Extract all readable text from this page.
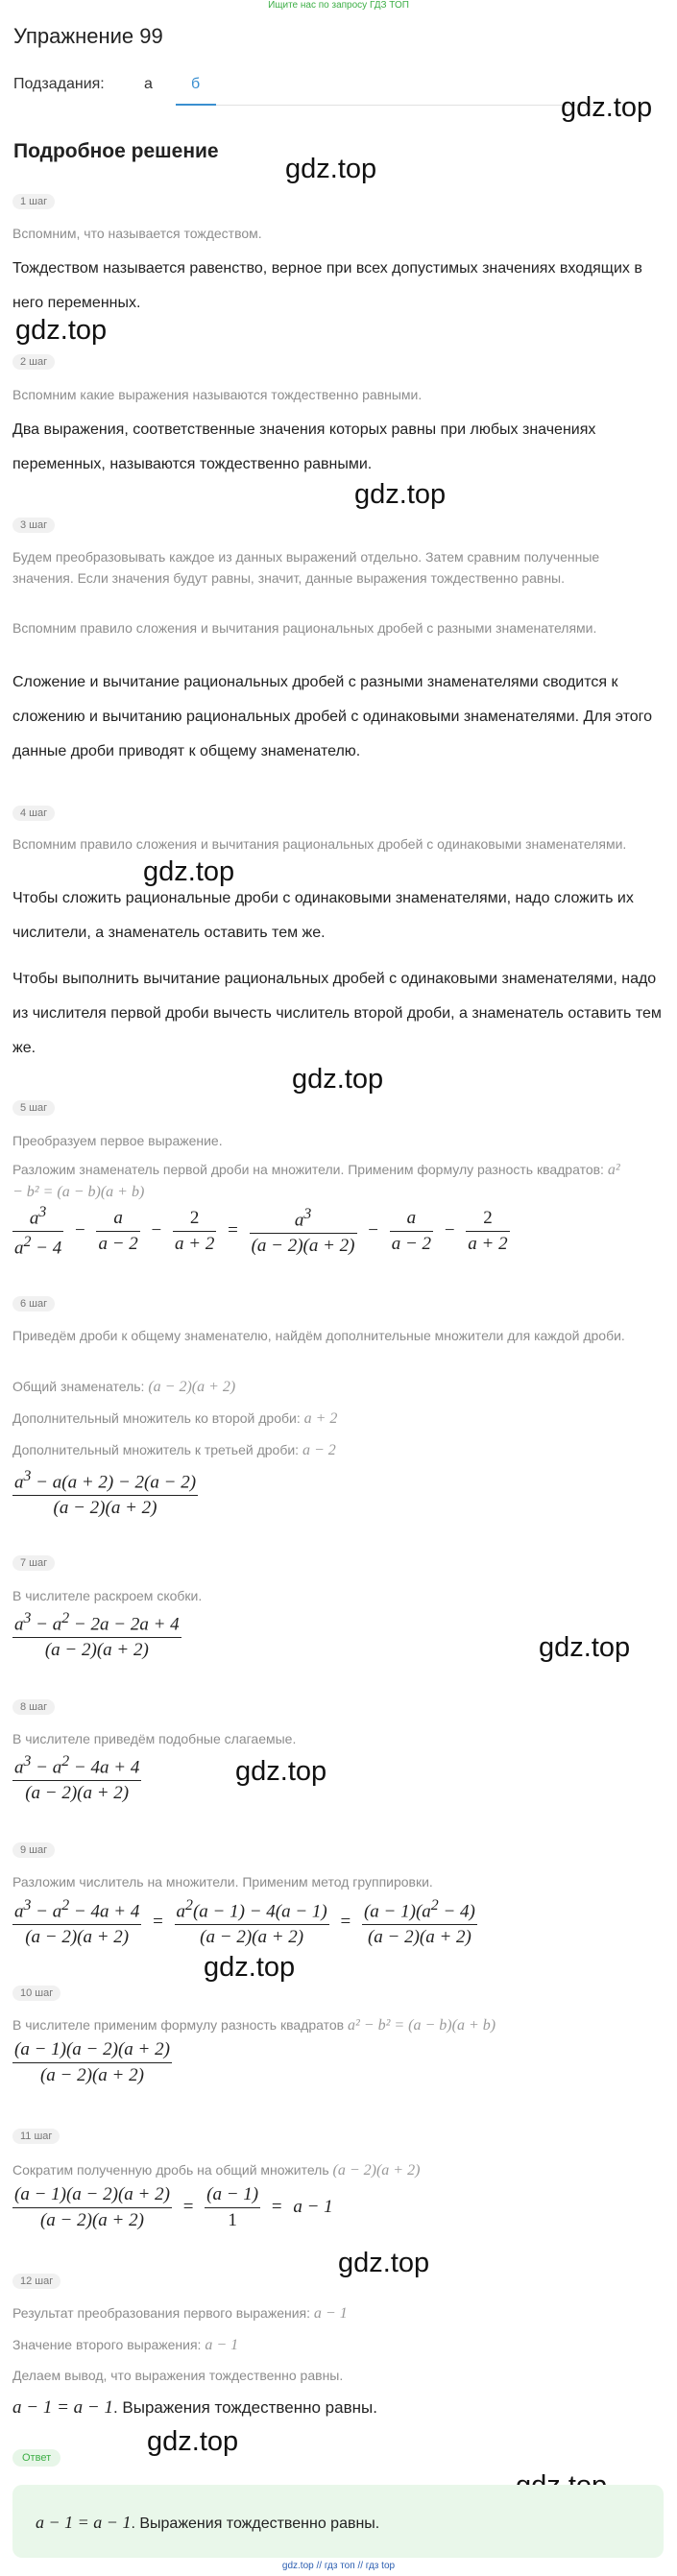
Ищите нас по запросу ГДЗ ТОП
Упражнение 99
Подзадания:	а	б
Подробное решение
gdz.top
gdz.top
gdz.top
gdz.top
gdz.top
gdz.top
gdz.top
gdz.top
gdz.top
gdz.top
gdz.top
1 шаг
Вспомним, что называется тождеством.
Тождеством называется равенство, верное при всех допустимых значениях входящих в него переменных.
2 шаг
Вспомним какие выражения называются тождественно равными.
Два выражения, соответственные значения которых равны при любых значениях переменных, называются тождественно равными.
3 шаг
Будем преобразовывать каждое из данных выражений отдельно. Затем сравним полученные значения. Если значения будут равны, значит, данные выражения тождественно равны.
Вспомним правило сложения и вычитания рациональных дробей с разными знаменателями.
Сложение и вычитание рациональных дробей с разными знаменателями сводится к сложению и вычитанию рациональных дробей с одинаковыми знаменателями. Для этого данные дроби приводят к общему знаменателю.
4 шаг
Вспомним правило сложения и вычитания рациональных дробей с одинаковыми знаменателями.
Чтобы сложить рациональные дроби с одинаковыми знаменателями, надо сложить их числители, а знаменатель оставить тем же.
Чтобы выполнить вычитание рациональных дробей с одинаковыми знаменателями, надо из числителя первой дроби вычесть числитель второй дроби, а знаменатель оставить тем же.
5 шаг
Преобразуем первое выражение.
Разложим знаменатель первой дроби на множители. Применим формулу разность квадратов: a² − b² = (a − b)(a + b)
$\frac{a^3}{a^2 - 4} - \frac{a}{a - 2} - \frac{2}{a + 2} = \frac{a^3}{(a - 2)(a + 2)} - \frac{a}{a - 2} - \frac{2}{a + 2}$
6 шаг
Приведём дроби к общему знаменателю, найдём дополнительные множители для каждой дроби.
Общий знаменатель: (a − 2)(a + 2)
Дополнительный множитель ко второй дроби: a + 2
Дополнительный множитель к третьей дроби: a − 2
$\frac{a^3 - a(a + 2) - 2(a - 2)}{(a - 2)(a + 2)}$
7 шаг
В числителе раскроем скобки.
$\frac{a^3 - a^2 - 2a - 2a + 4}{(a - 2)(a + 2)}$
8 шаг
В числителе приведём подобные слагаемые.
$\frac{a^3 - a^2 - 4a + 4}{(a - 2)(a + 2)}$
9 шаг
Разложим числитель на множители. Применим метод группировки.
$\frac{a^3 - a^2 - 4a + 4}{(a - 2)(a + 2)} = \frac{a^2(a - 1) - 4(a - 1)}{(a - 2)(a + 2)} = \frac{(a - 1)(a^2 - 4)}{(a - 2)(a + 2)}$
10 шаг
В числителе применим формулу разность квадратов a² − b² = (a − b)(a + b)
$\frac{(a - 1)(a - 2)(a + 2)}{(a - 2)(a + 2)}$
11 шаг
Сократим полученную дробь на общий множитель (a − 2)(a + 2)
$\frac{(a - 1)(a - 2)(a + 2)}{(a - 2)(a + 2)} = \frac{(a - 1)}{1} = a - 1$
12 шаг
Результат преобразования первого выражения: a − 1
Значение второго выражения: a − 1
Делаем вывод, что выражения тождественно равны.
a − 1 = a − 1. Выражения тождественно равны.
Ответ
a − 1 = a − 1. Выражения тождественно равны.
gdz.top // гдз топ // гдз top
